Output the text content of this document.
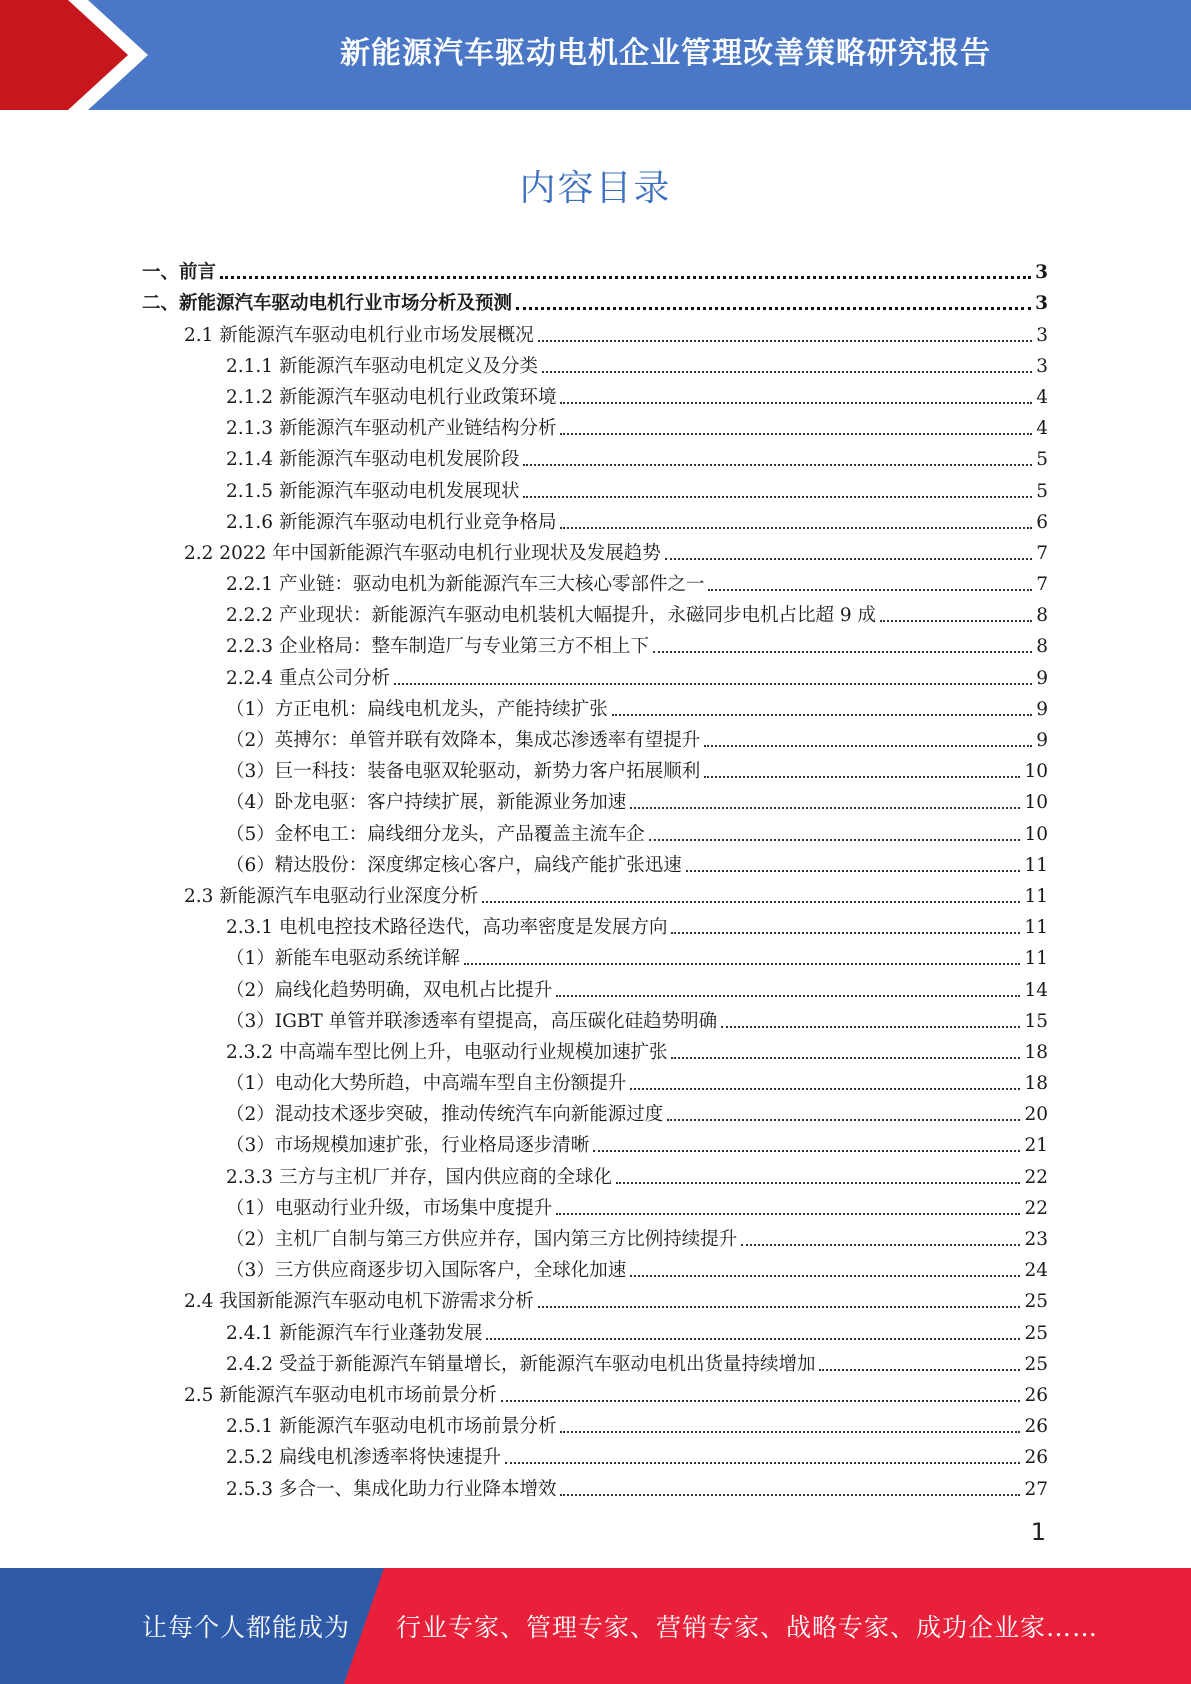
新能源汽车驱动电机企业管理改善策略研究报告
内容目录
一、前言	3
二、新能源汽车驱动电机行业市场分析及预测	3
2.1 新能源汽车驱动电机行业市场发展概况	3
2.1.1 新能源汽车驱动电机定义及分类	3
2.1.2 新能源汽车驱动电机行业政策环境	4
2.1.3 新能源汽车驱动机产业链结构分析	4
2.1.4 新能源汽车驱动电机发展阶段	5
2.1.5 新能源汽车驱动电机发展现状	5
2.1.6 新能源汽车驱动电机行业竞争格局	6
2.2 2022 年中国新能源汽车驱动电机行业现状及发展趋势	7
2.2.1 产业链：驱动电机为新能源汽车三大核心零部件之一	7
2.2.2 产业现状：新能源汽车驱动电机装机大幅提升，永磁同步电机占比超 9 成	8
2.2.3 企业格局：整车制造厂与专业第三方不相上下	8
2.2.4 重点公司分析	9
（1）方正电机：扁线电机龙头，产能持续扩张	9
（2）英搏尔：单管并联有效降本，集成芯渗透率有望提升	9
（3）巨一科技：装备电驱双轮驱动，新势力客户拓展顺利	10
（4）卧龙电驱：客户持续扩展，新能源业务加速	10
（5）金杯电工：扁线细分龙头，产品覆盖主流车企	10
（6）精达股份：深度绑定核心客户，扁线产能扩张迅速	11
2.3 新能源汽车电驱动行业深度分析	11
2.3.1 电机电控技术路径迭代，高功率密度是发展方向	11
（1）新能车电驱动系统详解	11
（2）扁线化趋势明确，双电机占比提升	14
（3）IGBT 单管并联渗透率有望提高，高压碳化硅趋势明确	15
2.3.2 中高端车型比例上升，电驱动行业规模加速扩张	18
（1）电动化大势所趋，中高端车型自主份额提升	18
（2）混动技术逐步突破，推动传统汽车向新能源过度	20
（3）市场规模加速扩张，行业格局逐步清晰	21
2.3.3 三方与主机厂并存，国内供应商的全球化	22
（1）电驱动行业升级，市场集中度提升	22
（2）主机厂自制与第三方供应并存，国内第三方比例持续提升	23
（3）三方供应商逐步切入国际客户，全球化加速	24
2.4 我国新能源汽车驱动电机下游需求分析	25
2.4.1 新能源汽车行业蓬勃发展	25
2.4.2 受益于新能源汽车销量增长，新能源汽车驱动电机出货量持续增加	25
2.5 新能源汽车驱动电机市场前景分析	26
2.5.1 新能源汽车驱动电机市场前景分析	26
2.5.2 扁线电机渗透率将快速提升	26
2.5.3 多合一、集成化助力行业降本增效	27
1
让每个人都能成为 行业专家、管理专家、营销专家、战略专家、成功企业家……
